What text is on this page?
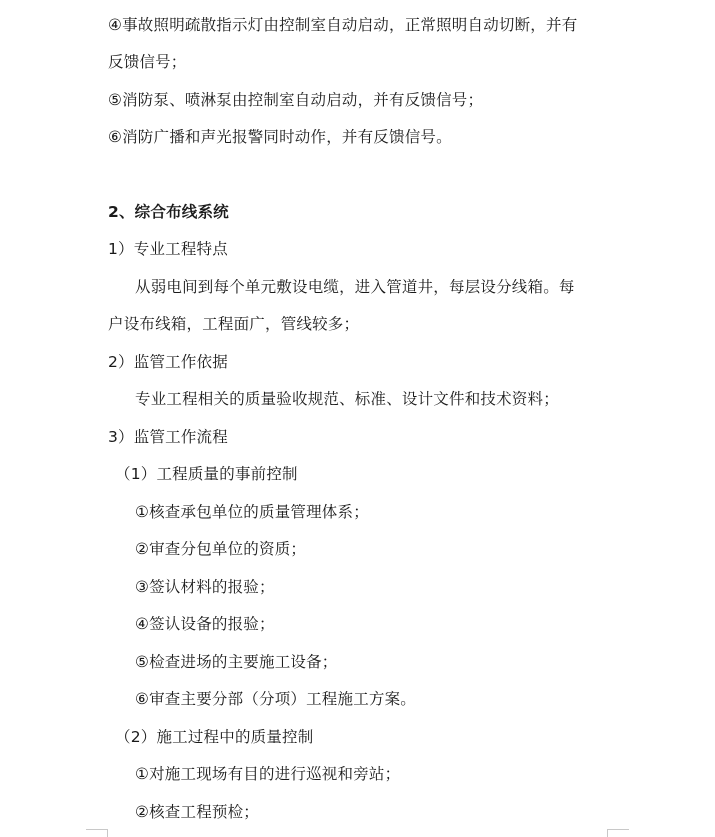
④事故照明疏散指示灯由控制室自动启动，正常照明自动切断，并有
反馈信号；
⑤消防泵、喷淋泵由控制室自动启动，并有反馈信号；
⑥消防广播和声光报警同时动作，并有反馈信号。
2、综合布线系统
1）专业工程特点
从弱电间到每个单元敷设电缆，进入管道井，每层设分线箱。每
户设布线箱，工程面广，管线较多；
2）监管工作依据
专业工程相关的质量验收规范、标准、设计文件和技术资料；
3）监管工作流程
（1）工程质量的事前控制
①核查承包单位的质量管理体系；
②审查分包单位的资质；
③签认材料的报验；
④签认设备的报验；
⑤检查进场的主要施工设备；
⑥审查主要分部（分项）工程施工方案。
（2）施工过程中的质量控制
①对施工现场有目的进行巡视和旁站；
②核查工程预检；
